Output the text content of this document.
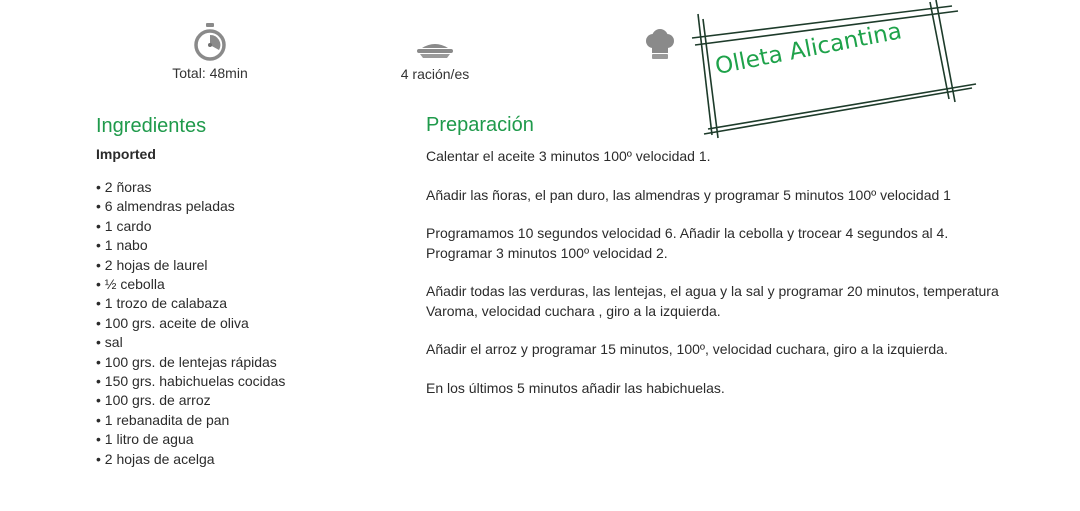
Total: 48min	4 ración/es
Ingredientes
Imported
• 2 ñoras
• 6 almendras peladas
• 1 cardo
• 1 nabo
• 2 hojas de laurel
• ½ cebolla
• 1 trozo de calabaza
• 100 grs. aceite de oliva
• sal
• 100 grs. de lentejas rápidas
• 150 grs. habichuelas cocidas
• 100 grs. de arroz
• 1 rebanadita de pan
• 1 litro de agua
• 2 hojas de acelga
Preparación
Calentar el aceite 3 minutos 100º velocidad 1.
Añadir las ñoras, el pan duro, las almendras y programar 5 minutos 100º velocidad 1
Programamos 10 segundos velocidad 6. Añadir la cebolla y trocear 4 segundos al 4. Programar 3 minutos 100º velocidad 2.
Añadir todas las verduras, las lentejas, el agua y la sal y programar 20 minutos, temperatura Varoma, velocidad cuchara , giro a la izquierda.
Añadir el arroz y programar 15 minutos, 100º, velocidad cuchara, giro a la izquierda.
En los últimos 5 minutos añadir las habichuelas.
Olleta Alicantina
